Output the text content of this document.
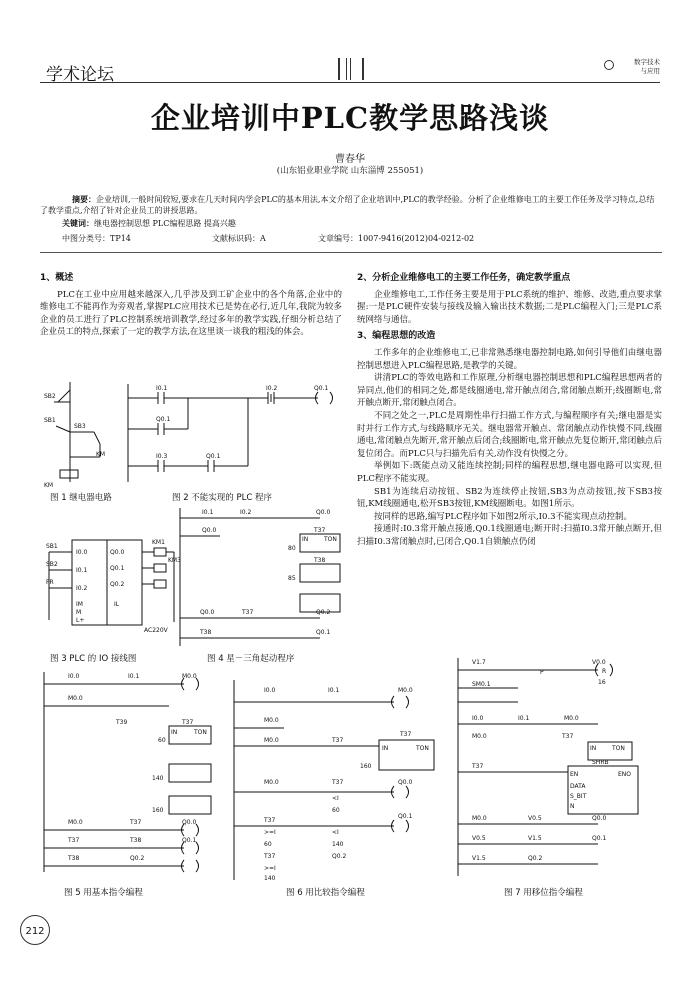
学术论坛
数字技术
与应用
企业培训中PLC教学思路浅谈
曹春华
(山东铝业职业学院 山东淄博 255051)
摘要：企业培训,一般时间较短,要求在几天时间内学会PLC的基本用法,本文介绍了企业培训中,PLC的教学经验。分析了企业维修电工的主要工作任务及学习特点,总结了教学重点,介绍了针对企业员工的讲授思路。
关键词：继电器控制思想 PLC编程思路 提高兴趣
中图分类号：TP14	文献标识码：A	文章编号：1007-9416(2012)04-0212-02
1、概述

PLC在工业中应用越来越深入,几乎涉及到工矿企业中的各个角落,企业中的维修电工不能再作为旁观者,掌握PLC应用技术已是势在必行,近几年,我院为较多企业的员工进行了PLC控制系统培训教学,经过多年的教学实践,仔细分析总结了企业员工的特点,探索了一定的教学方法,在这里谈一谈我的粗浅的体会。

2、分析企业维修电工的主要工作任务，确定教学重点

企业维修电工,工作任务主要是用于PLC系统的维护、维修、改造,重点要求掌握:一是PLC硬件安装与接线及输入输出技术数据;二是PLC编程入门;三是PLC系统网络与通信。

3、编程思想的改造

工作多年的企业维修电工,已非常熟悉继电器控制电路,如何引导他们由继电器控制思想进入PLC编程思路,是教学的关键。

讲清PLC的等效电路和工作原理,分析继电器控制思想和PLC编程思想两者的异同点,他们的相同之处,都是线圈通电,常开触点闭合,常闭触点断开;线圈断电,常开触点断开,常闭触点闭合。

不同之处之一,PLC是周期性串行扫描工作方式,与编程顺序有关;继电器是实时并行工作方式,与线路顺序无关。继电器常开触点、常闭触点动作快慢不同,线圈通电,常闭触点先断开,常开触点后闭合;线圈断电,常开触点先复位断开,常闭触点后复位闭合。而PLC只与扫描先后有关,动作没有快慢之分。

举例如下:既能点动又能连续控制;同样的编程思想,继电器电路可以实现,但PLC程序不能实现。

SB1为连续启动按钮、SB2为连续停止按钮,SB3为点动按钮,按下SB3按钮,KM线圈通电,松开SB3按钮,KM线圈断电。如图1所示。

按同样的思路,编写PLC程序如下如图2所示,I0.3不能实现点动控制。

接通时:I0.3常开触点接通,Q0.1线圈通电;断开时:扫描I0.3常开触点断开,但扫描I0.3常闭触点时,已闭合,Q0.1自锁触点仍闭

SB2
SB1
SB3
KM
KM
图 1 继电器电路
I0.1	I0.2	Q0.1
Q0.1
I0.3	Q0.1
图 2 不能实现的 PLC 程序
SB1
SB2
FR
I0.0
I0.1
I0.2
IM
M
L+
Q0.0
Q0.1
Q0.2
IL
KM1
KM3
AC220V
图 3 PLC 的 IO 接线图
I0.1	I0.2	Q0.0
Q0.0	T37
IN	TON
80
T38
85
Q0.0	T37	Q0.2
T38	Q0.1
图 4 星－三角起动程序
I0.0	I0.1	M0.0
M0.0
T39	T37
IN	TON
60
140
160
M0.0	T37	Q0.0
T37	T38	Q0.1
T38	Q0.2
图 5 用基本指令编程
I0.0	I0.1	M0.0
M0.0
M0.0	T37
T37
IN	TON
160
M0.0	T37
<I
60
Q0.0
T37
>=I
60
<I
140
Q0.1
T37
>=I
140
Q0.2
图 6 用比较指令编程
V1.7
P
V0.0
R
16
SM0.1
I0.0	I0.1	M0.0
M0.0	T37
IN	TON
T37
SHRB
EN	ENO
DATA
S_BIT
N
M0.0	V0.5	Q0.0
V0.5	V1.5	Q0.1
V1.5	Q0.2
图 7 用移位指令编程
212
